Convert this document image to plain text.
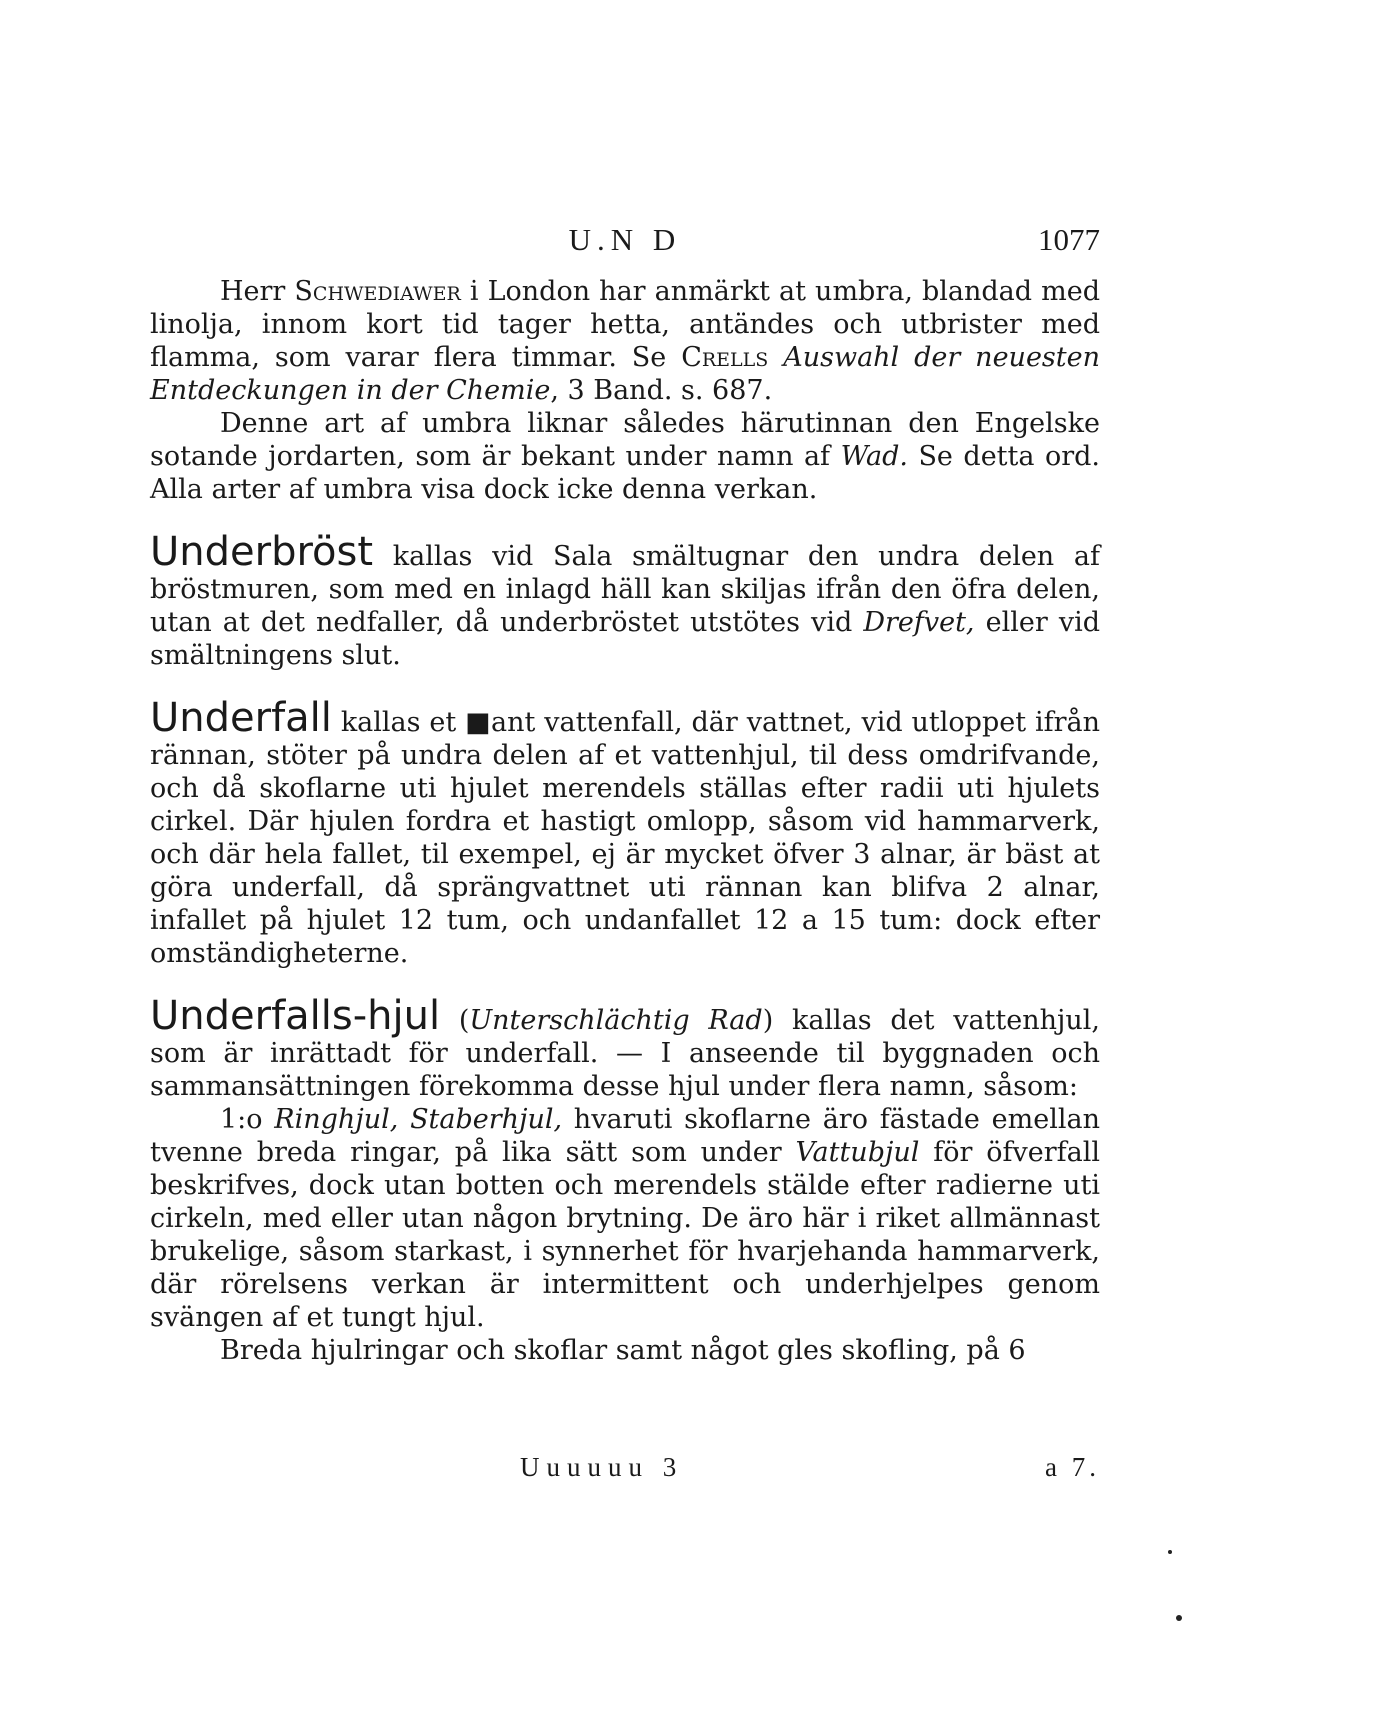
U.N D	1077

Herr Schwediawer i London har anmärkt at umbra, blandad med linolja, innom kort tid tager hetta, antändes och utbrister med flamma, som varar flera timmar. Se Crells Auswahl der neuesten Entdeckungen in der Chemie, 3 Band. s. 687.

Denne art af umbra liknar således härutinnan den Engelske sotande jordarten, som är bekant under namn af Wad. Se detta ord. Alla arter af umbra visa dock icke denna verkan.

Underbröst kallas vid Sala smältugnar den undra delen af bröstmuren, som med en inlagd häll kan skiljas ifrån den öfra delen, utan at det nedfaller, då underbröstet utstötes vid Drefvet, eller vid smältningens slut.

Underfall kallas et ■ant vattenfall, där vattnet, vid utloppet ifrån rännan, stöter på undra delen af et vattenhjul, til dess omdrifvande, och då skoflarne uti hjulet merendels ställas efter radii uti hjulets cirkel. Där hjulen fordra et hastigt omlopp, såsom vid hammarverk, och där hela fallet, til exempel, ej är mycket öfver 3 alnar, är bäst at göra underfall, då sprängvattnet uti rännan kan blifva 2 alnar, infallet på hjulet 12 tum, och undanfallet 12 a 15 tum: dock efter omständigheterne.

Underfalls-hjul (Unterschlächtig Rad) kallas det vattenhjul, som är inrättadt för underfall. — I anseende til byggnaden och sammansättningen förekomma desse hjul under flera namn, såsom:

1:o Ringhjul, Staberhjul, hvaruti skoflarne äro fästade emellan tvenne breda ringar, på lika sätt som under Vattubjul för öfverfall beskrifves, dock utan botten och merendels stälde efter radierne uti cirkeln, med eller utan någon brytning. De äro här i riket allmännast brukelige, såsom starkast, i synnerhet för hvarjehanda hammarverk, där rörelsens verkan är intermittent och underhjelpes genom svängen af et tungt hjul.

Breda hjulringar och skoflar samt något gles skofling, på 6

Uuuuuu 3	a 7.
